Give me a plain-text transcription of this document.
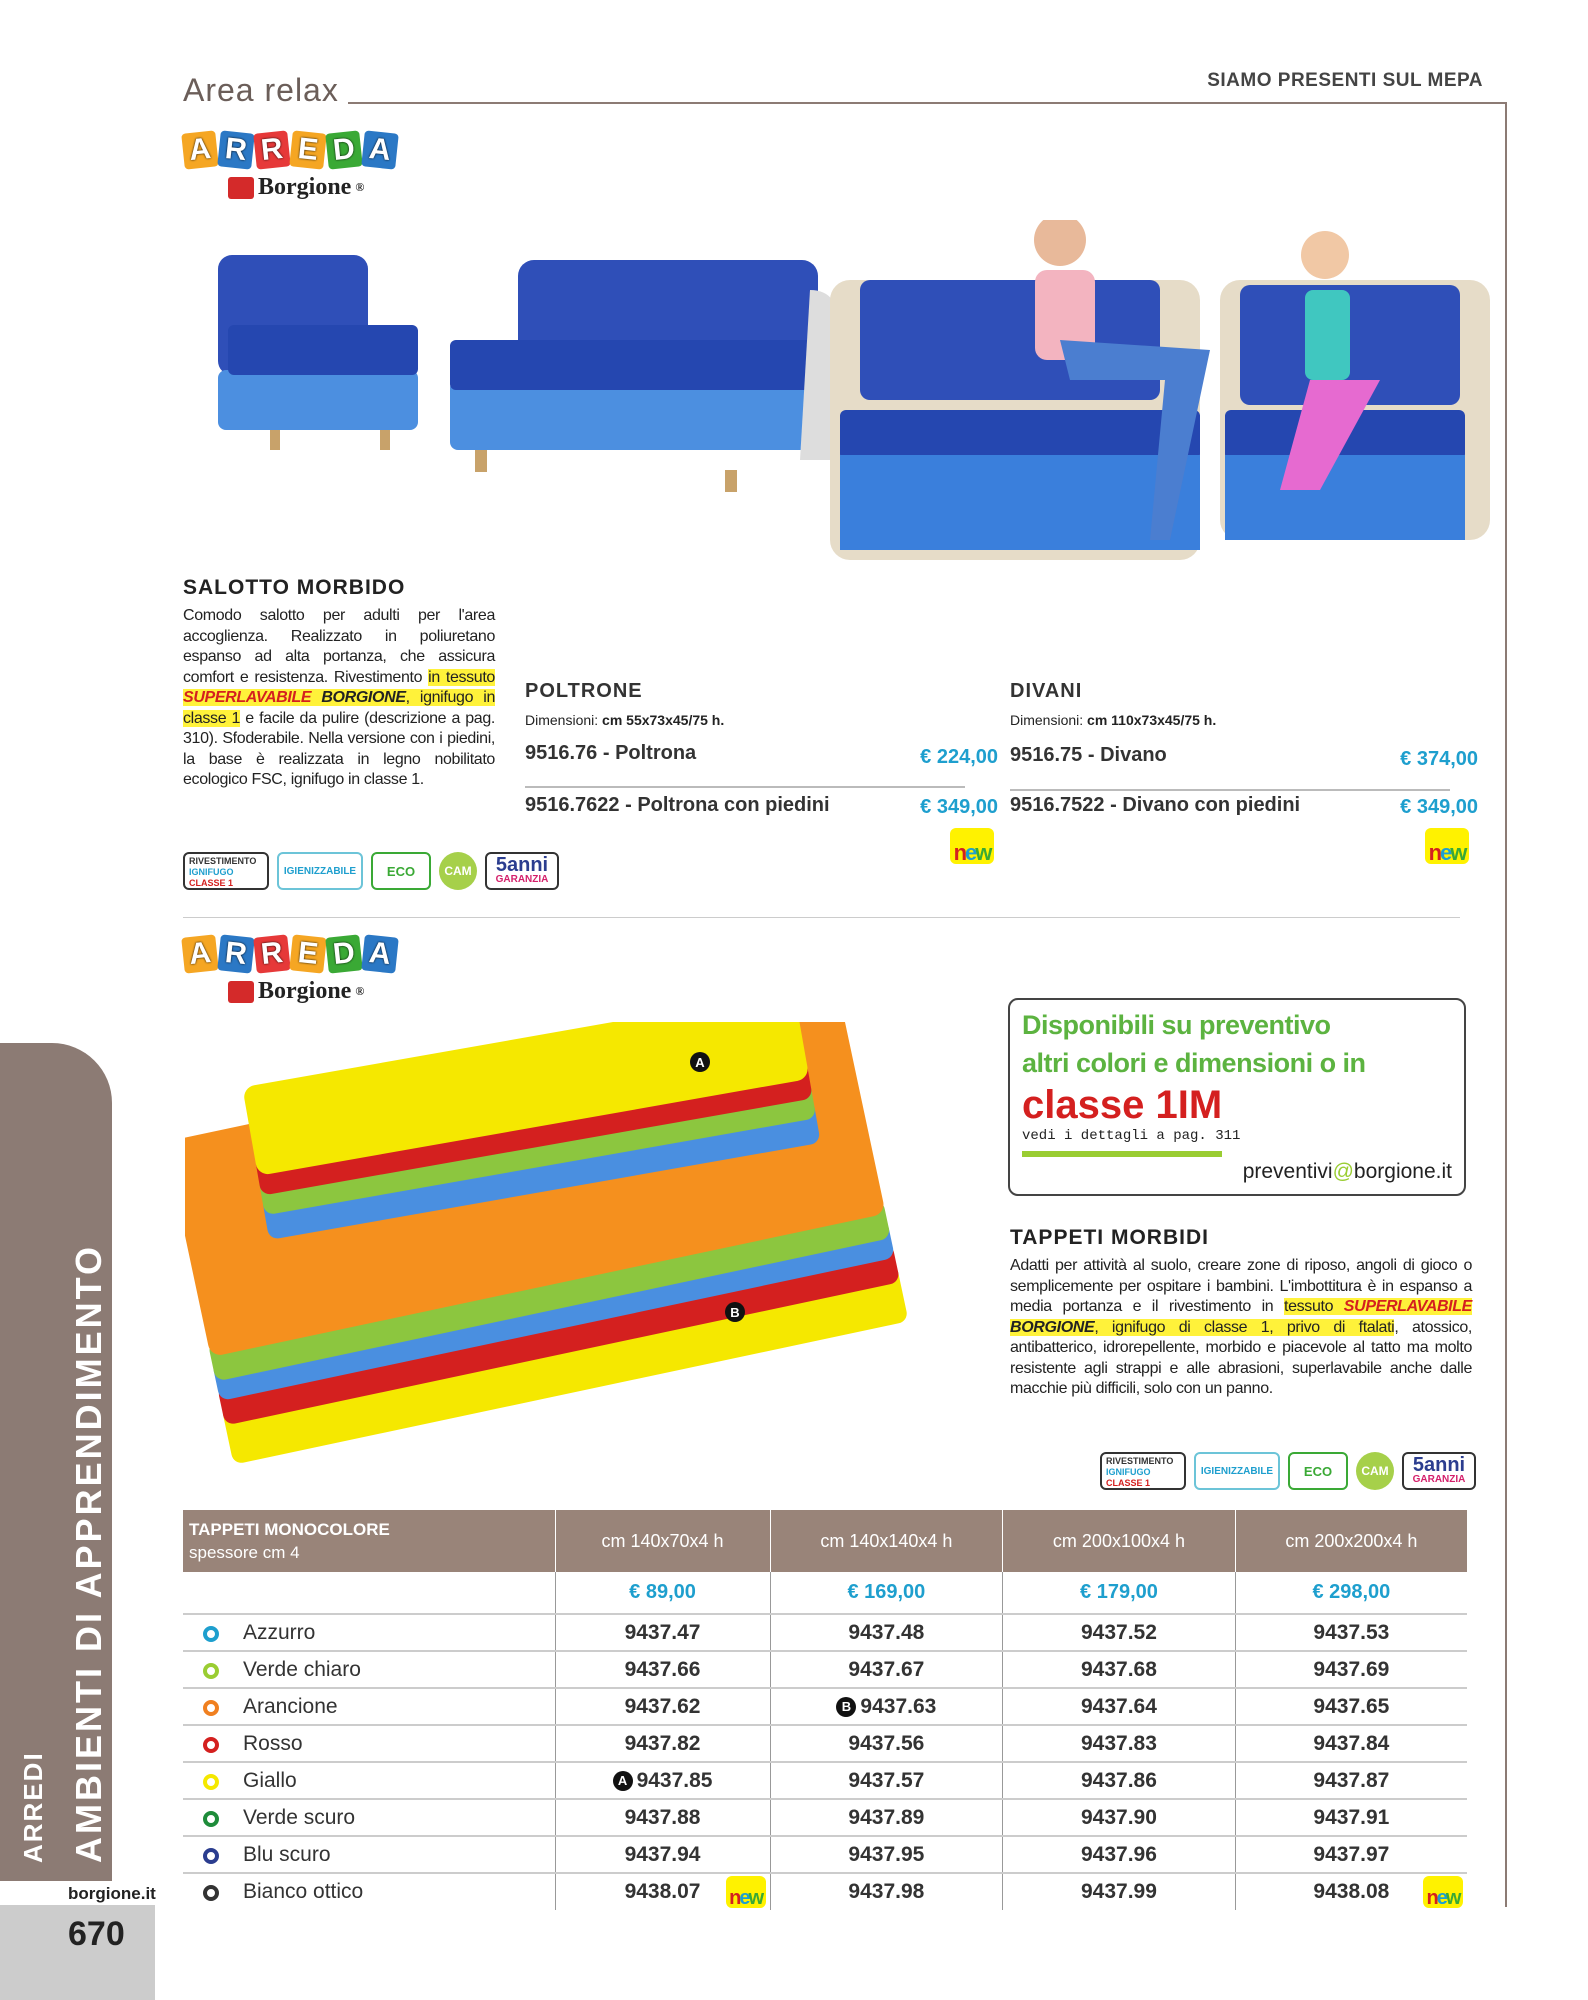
Area relax	SIAMO PRESENTI SUL MEPA
A R R E D A
Borgione ®
SALOTTO MORBIDO
Comodo salotto per adulti per l'area accoglienza. Realizzato in poliuretano espanso ad alta portanza, che assicura comfort e resistenza. Rivestimento in tessuto SUPERLAVABILE BORGIONE, ignifugo in classe 1 e facile da pulire (descrizione a pag. 310). Sfoderabile. Nella versione con i piedini, la base è realizzata in legno nobilitato ecologico FSC, ignifugo in classe 1.
POLTRONE
Dimensioni: cm 55x73x45/75 h.
9516.76 - Poltrona	€ 224,00
9516.7622 - Poltrona con piedini	€ 349,00
n e w
DIVANI
Dimensioni: cm 110x73x45/75 h.
9516.75 - Divano	€ 374,00
9516.7522 - Divano con piedini	€ 349,00
n e w
RIVESTIMENTO
IGNIFUGO
CLASSE 1
IGIENIZZABILE	ECO	CAM	5anni
GARANZIA
A R R E D A
Borgione ®
A
B
Disponibili su preventivo
altri colori e dimensioni o in
classe 1IM
vedi i dettagli a pag. 311
preventivi@borgione.it
TAPPETI MORBIDI
Adatti per attività al suolo, creare zone di riposo, angoli di gioco o semplicemente per ospitare i bambini. L'imbottitura è in espanso a media portanza e il rivestimento in tessuto SUPERLAVABILE BORGIONE, ignifugo di classe 1, privo di ftalati, atossico, antibatterico, idrorepellente, morbido e piacevole al tatto ma molto resistente agli strappi e alle abrasioni, superlavabile anche dalle macchie più difficili, solo con un panno.
RIVESTIMENTO
IGNIFUGO
CLASSE 1
IGIENIZZABILE	ECO	CAM	5anni
GARANZIA
TAPPETI MONOCOLORE
spessore cm 4	cm 140x70x4 h	cm 140x140x4 h	cm 200x100x4 h	cm 200x200x4 h
	€ 89,00	€ 169,00	€ 179,00	€ 298,00

Azzurro	9437.47	9437.48	9437.52	9437.53

Verde chiaro	9437.66	9437.67	9437.68	9437.69

Arancione	9437.62	B 9437.63	9437.64	9437.65

Rosso	9437.82	9437.56	9437.83	9437.84

Giallo	A 9437.85	9437.57	9437.86	9437.87

Verde scuro	9437.88	9437.89	9437.90	9437.91

Blu scuro	9437.94	9437.95	9437.96	9437.97

Bianco ottico	9438.07 n e w	9437.98	9437.99	9438.08 n e w
AMBIENTI DI APPRENDIMENTO
ARREDI
borgione.it
670
